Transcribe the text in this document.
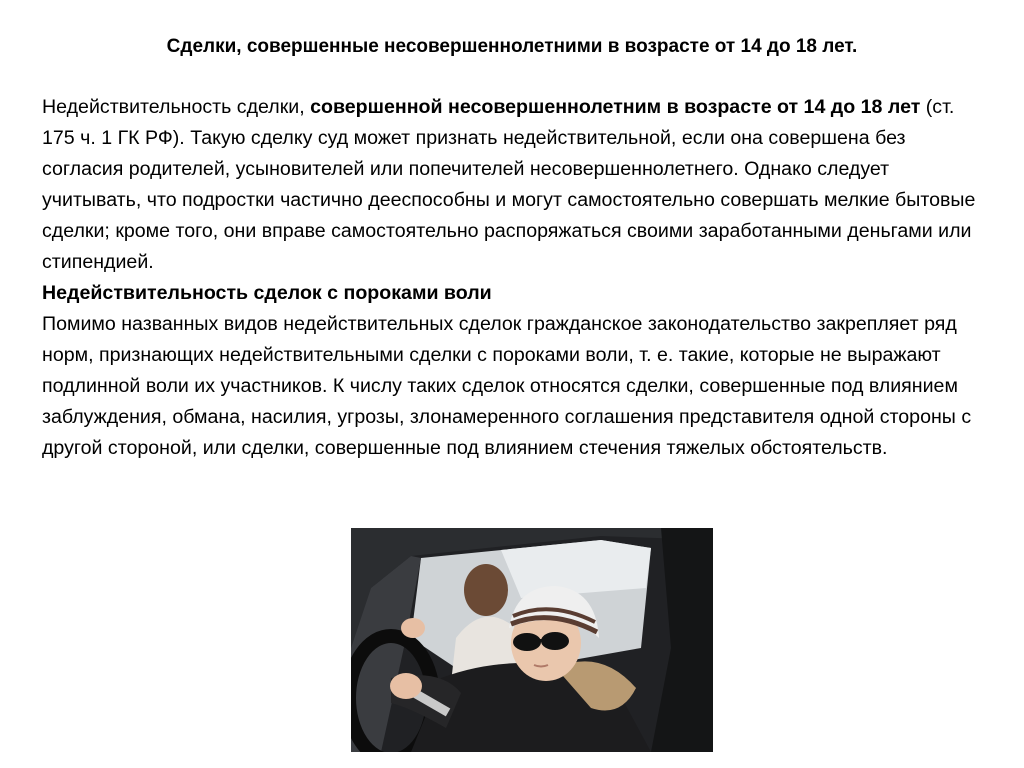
Сделки, совершенные несовершеннолетними в возрасте от 14 до 18 лет.

Недействительность сделки, совершенной несовершеннолетним в возрасте от 14 до 18 лет (ст. 175 ч. 1 ГК РФ). Такую сделку суд может признать недействительной, если она совершена без согласия родителей, усыновителей или попечителей несовершеннолетнего. Однако следует учитывать, что подростки частично дееспособны и могут самостоятельно совершать мелкие бытовые сделки; кроме того, они вправе самостоятельно распоряжаться своими заработанными деньгами или стипендией.

Недействительность сделок с пороками воли

Помимо названных видов недействительных сделок гражданское законодательство закрепляет ряд норм, признающих недействительными сделки с пороками воли, т. е. такие, которые не выражают подлинной воли их участников. К числу таких сделок относятся сделки, совершенные под влиянием заблуждения, обмана, насилия, угрозы, злонамеренного соглашения представителя одной стороны с другой стороной, или сделки, совершенные под влиянием стечения тяжелых обстоятельств.
